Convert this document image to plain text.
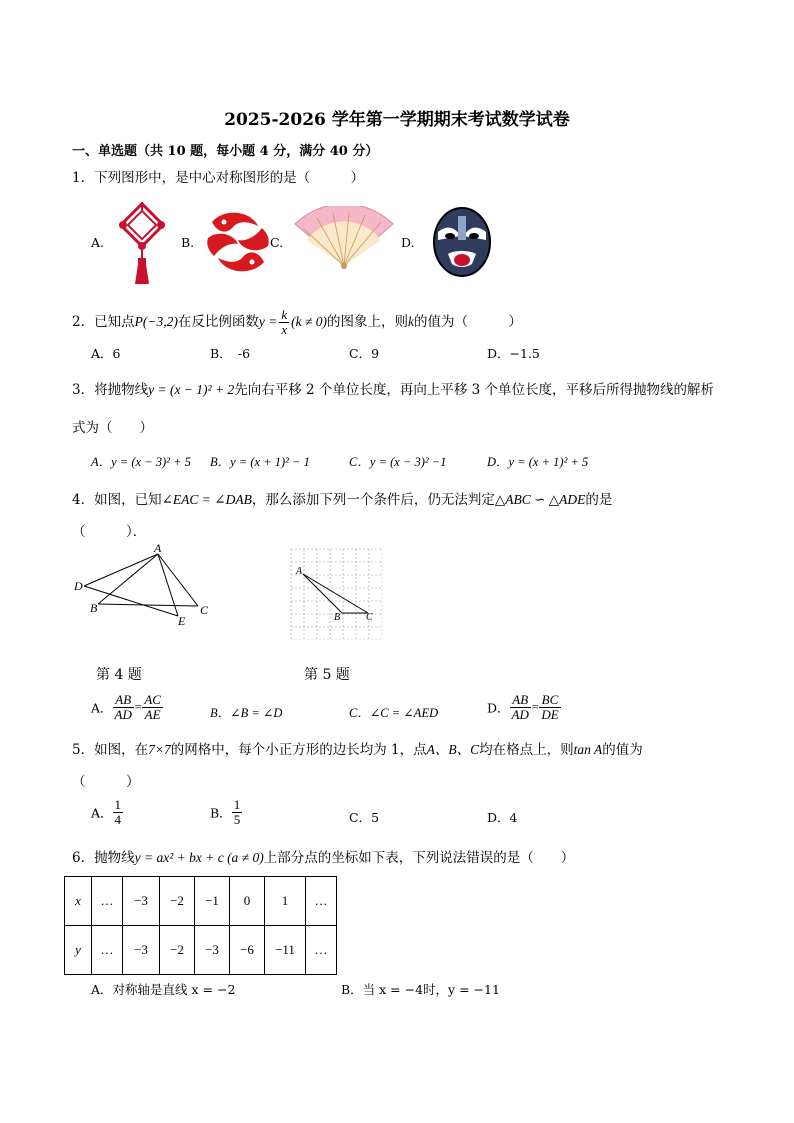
2025-2026 学年第一学期期末考试数学试卷
一、单选题（共 10 题，每小题 4 分，满分 40 分）
1．下列图形中，是中心对称图形的是（　　　）
A.	B.	C.	D.
2．已知点P(−3,2)在反比例函数$y = \frac{k}{x} (k \ne 0)$的图象上，则k的值为（　　　）
A．6	B．　-6	C．9	D．−1.5
3．将抛物线y = (x − 1)² + 2先向右平移 2 个单位长度，再向上平移 3 个单位长度，平移后所得抛物线的解析
式为（　　）
A．y = (x − 3)² + 5 B．y = (x + 1)² − 1	C．y = (x − 3)² −1	D．y = (x + 1)² + 5
4．如图，已知∠EAC = ∠DAB，那么添加下列一个条件后，仍无法判定△ABC ∽ △ADE的是
（　　　）．
A
D
B
E
C
A
B	C
第 4 题	第 5 题
A． $\frac{AB}{AD} = \frac{AC}{AE}$	B．∠B = ∠D	C．∠C = ∠AED	D． $\frac{AB}{AD} = \frac{BC}{DE}$
5．如图，在7×7的网格中，每个小正方形的边长均为 1，点A、B、C均在格点上，则tan A的值为
（　　　）
A． $\frac{1}{4}$	B． $\frac{1}{5}$	C．5	D．4
6．抛物线y = ax² + bx + c (a ≠ 0)上部分点的坐标如下表，下列说法错误的是（　　）
x	…	−3	−2	−1	0	1	…
y	…	−3	−2	−3	−6	−11	…
A．对称轴是直线 x = −2	B．当 x = −4时，y = −11
